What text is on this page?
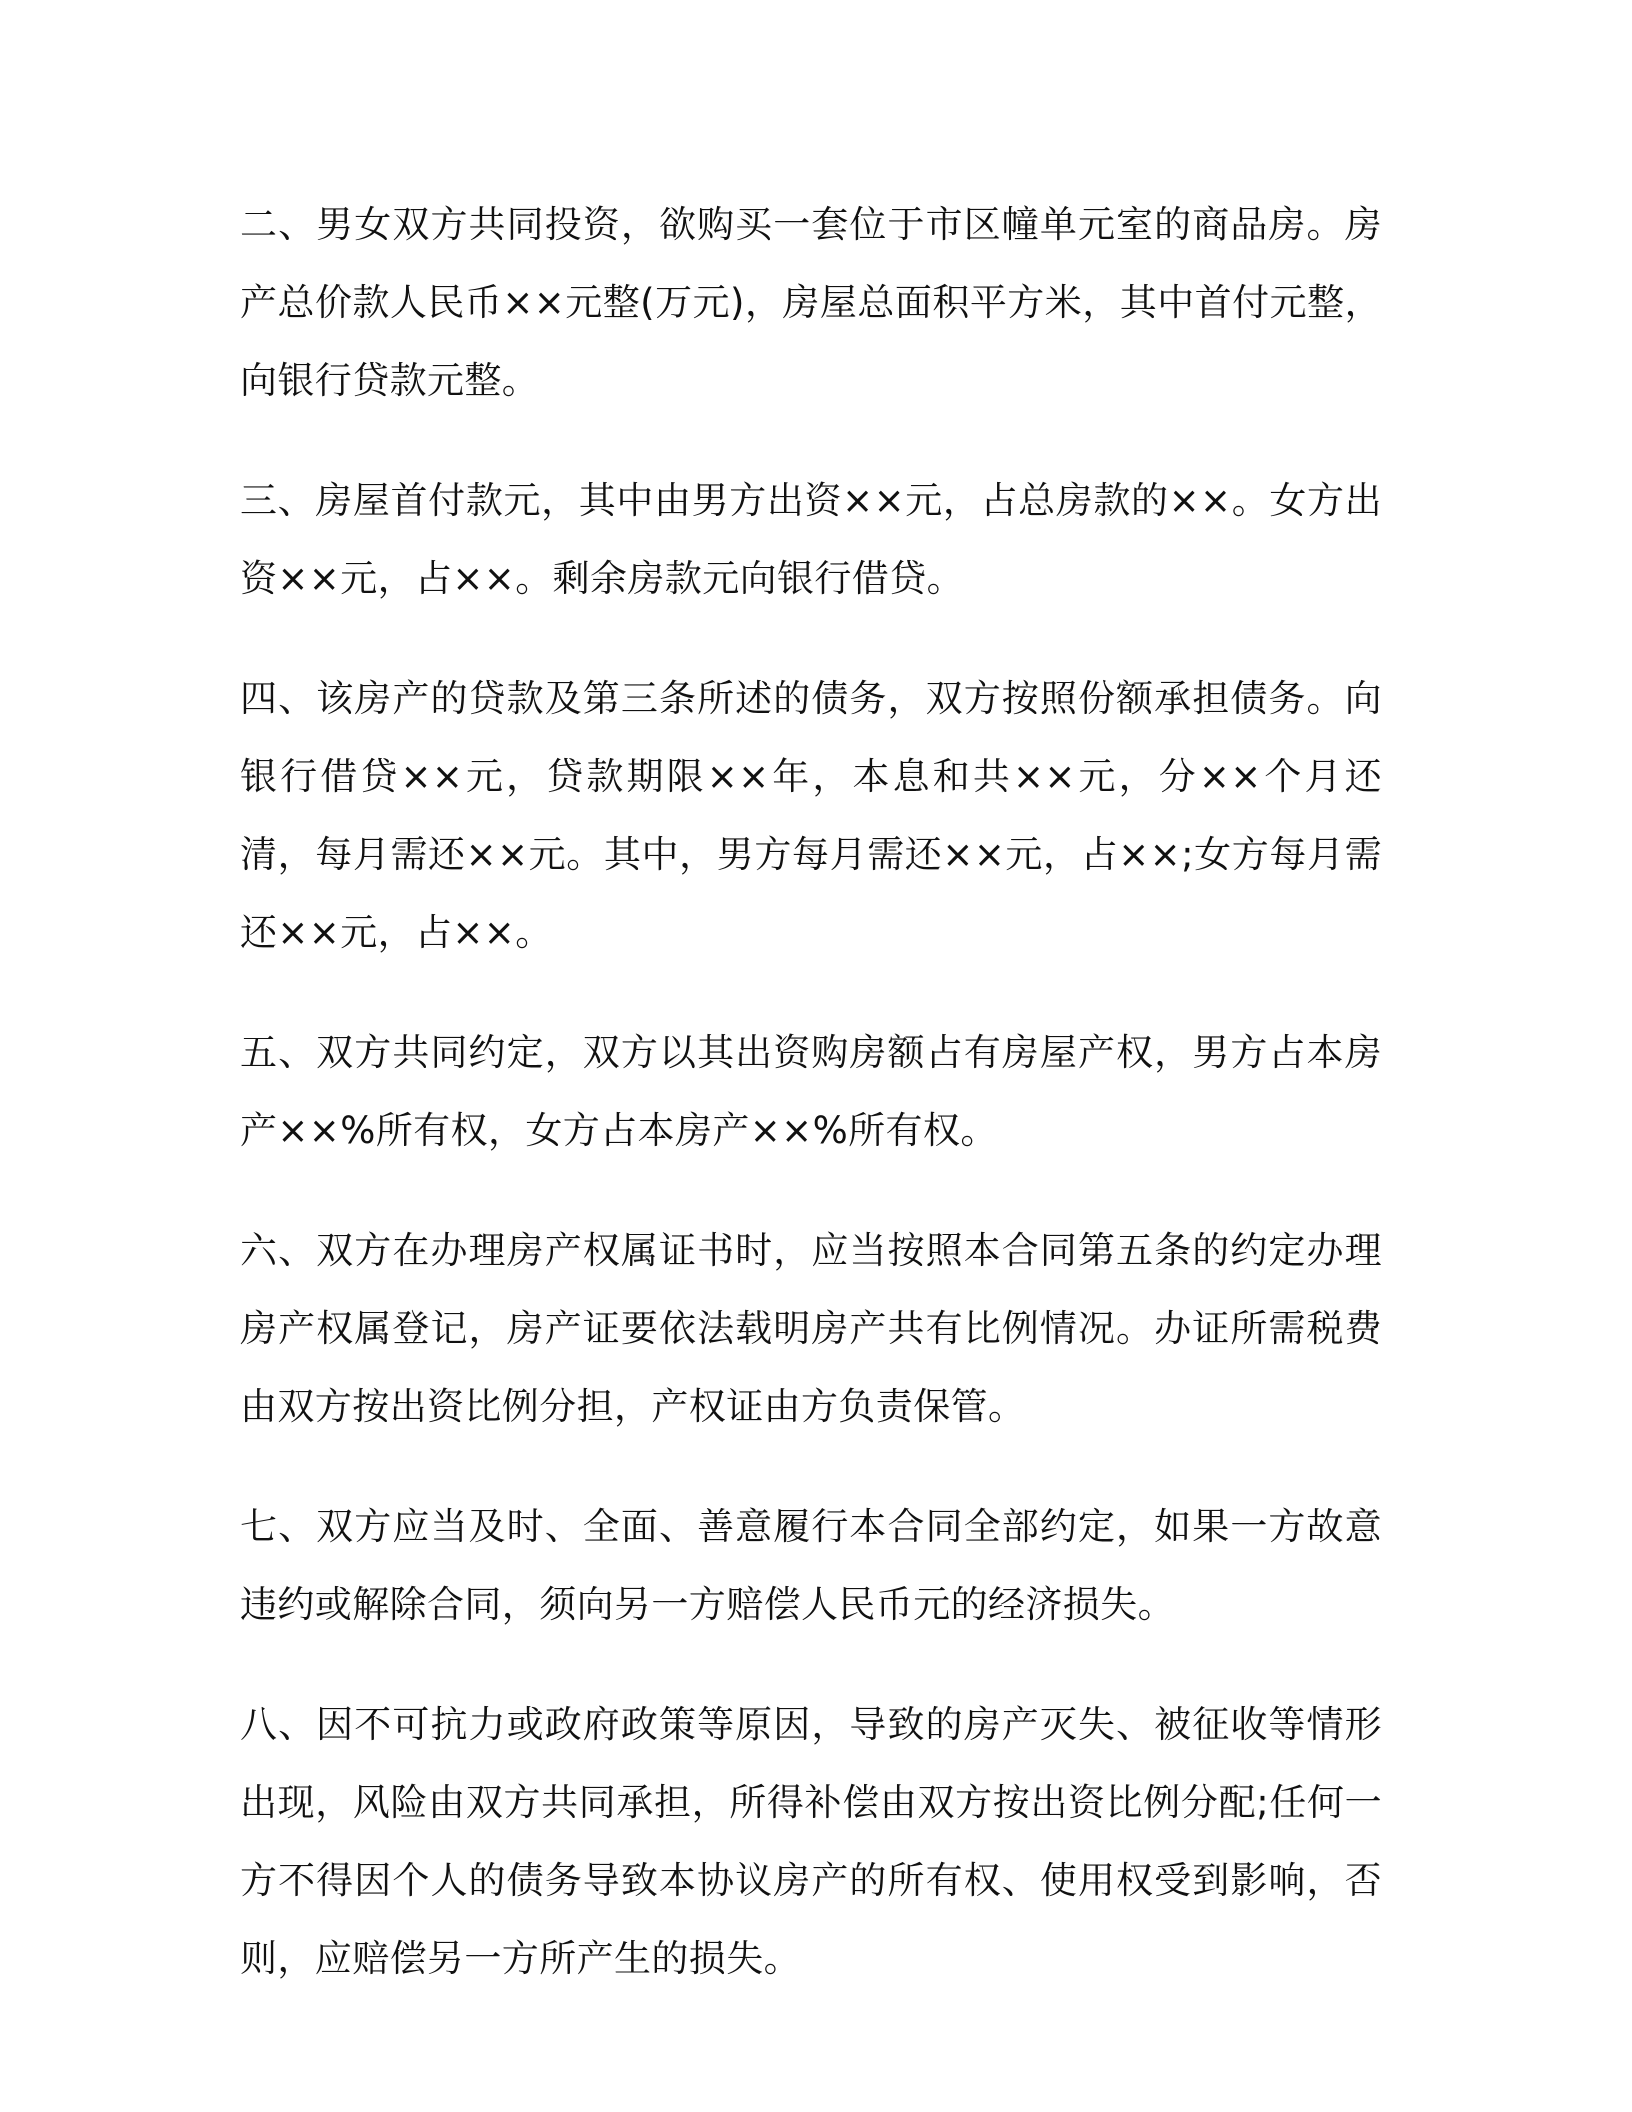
二、男女双方共同投资，欲购买一套位于市区幢单元室的商品房。房产总价款人民币××元整(万元)，房屋总面积平方米，其中首付元整，向银行贷款元整。

三、房屋首付款元，其中由男方出资××元，占总房款的××。女方出资××元，占××。剩余房款元向银行借贷。

四、该房产的贷款及第三条所述的债务，双方按照份额承担债务。向银行借贷××元，贷款期限××年，本息和共××元，分××个月还清，每月需还××元。其中，男方每月需还××元，占××;女方每月需还××元，占××。

五、双方共同约定，双方以其出资购房额占有房屋产权，男方占本房产××%所有权，女方占本房产××%所有权。

六、双方在办理房产权属证书时，应当按照本合同第五条的约定办理房产权属登记，房产证要依法载明房产共有比例情况。办证所需税费由双方按出资比例分担，产权证由方负责保管。

七、双方应当及时、全面、善意履行本合同全部约定，如果一方故意违约或解除合同，须向另一方赔偿人民币元的经济损失。

八、因不可抗力或政府政策等原因，导致的房产灭失、被征收等情形出现，风险由双方共同承担，所得补偿由双方按出资比例分配;任何一方不得因个人的债务导致本协议房产的所有权、使用权受到影响，否则，应赔偿另一方所产生的损失。
